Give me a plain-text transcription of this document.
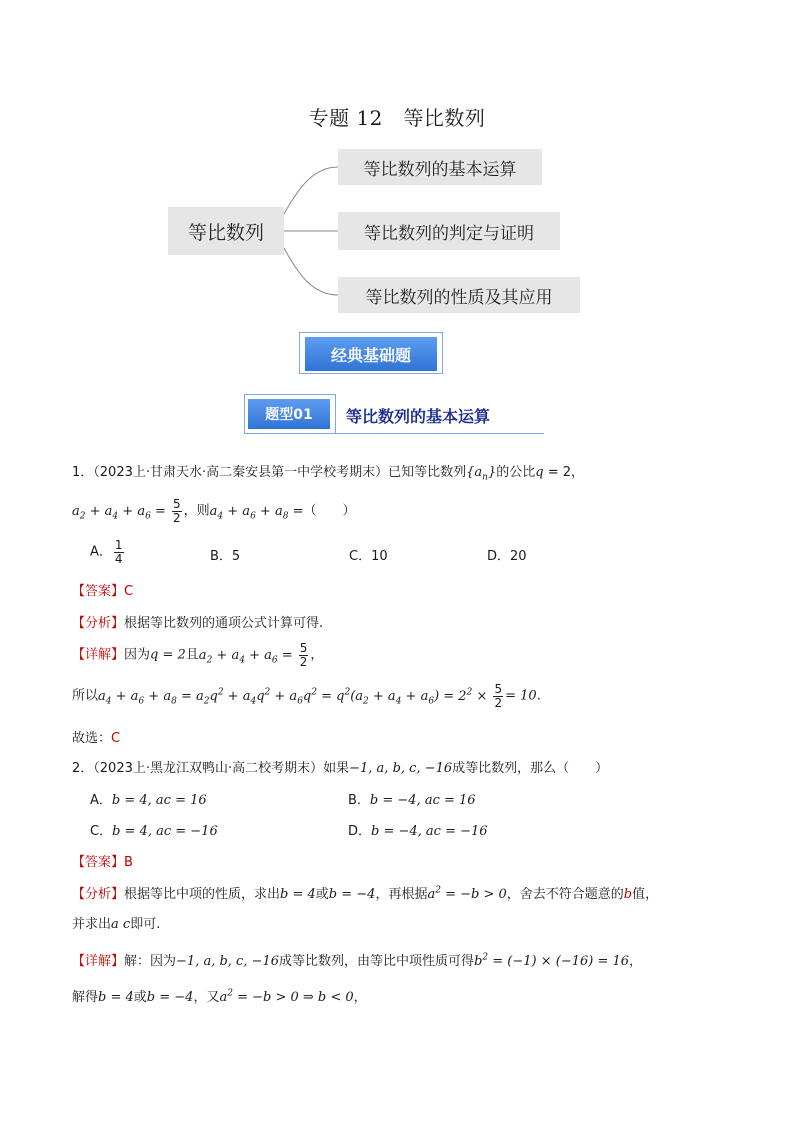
专题 12　等比数列
等比数列
等比数列的基本运算
等比数列的判定与证明
等比数列的性质及其应用
经典基础题
题型01	等比数列的基本运算
1．（2023上·甘肃天水·高二秦安县第一中学校考期末）已知等比数列$\{a_n\}$的公比q = 2，
$a_2 + a_4 + a_6 = \frac{5}{2}$ ，则$a_4 + a_6 + a_8$ =（　　）
A． $\frac{1}{4}$	B．5	C．10	D．20
【答案】C
【分析】根据等比数列的通项公式计算可得.
【详解】因为q = 2且$a_2 + a_4 + a_6 = \frac{5}{2}$ ，
所以$a_4 + a_6 + a_8 = a_2q^2 + a_4q^2 + a_6q^2 = q^2(a_2 + a_4 + a_6) = 2^2 \times \frac{5}{2} = 10$.
故选：C
2．（2023上·黑龙江双鸭山·高二校考期末）如果−1, a, b, c, −16成等比数列，那么（　　）
A．b = 4, ac = 16	B．b = −4, ac = 16
C．b = 4, ac = −16	D．b = −4, ac = −16
【答案】B
【分析】根据等比中项的性质，求出b = 4或b = −4，再根据$a^2 = -b > 0$，舍去不符合题意的b值，
并求出a c即可.
【详解】解：因为−1, a, b, c, −16成等比数列，由等比中项性质可得$b^2 = (-1) \times (-16) = 16$，
解得b = 4或b = −4，又$a^2 = -b > 0$ ⇒ b < 0，
